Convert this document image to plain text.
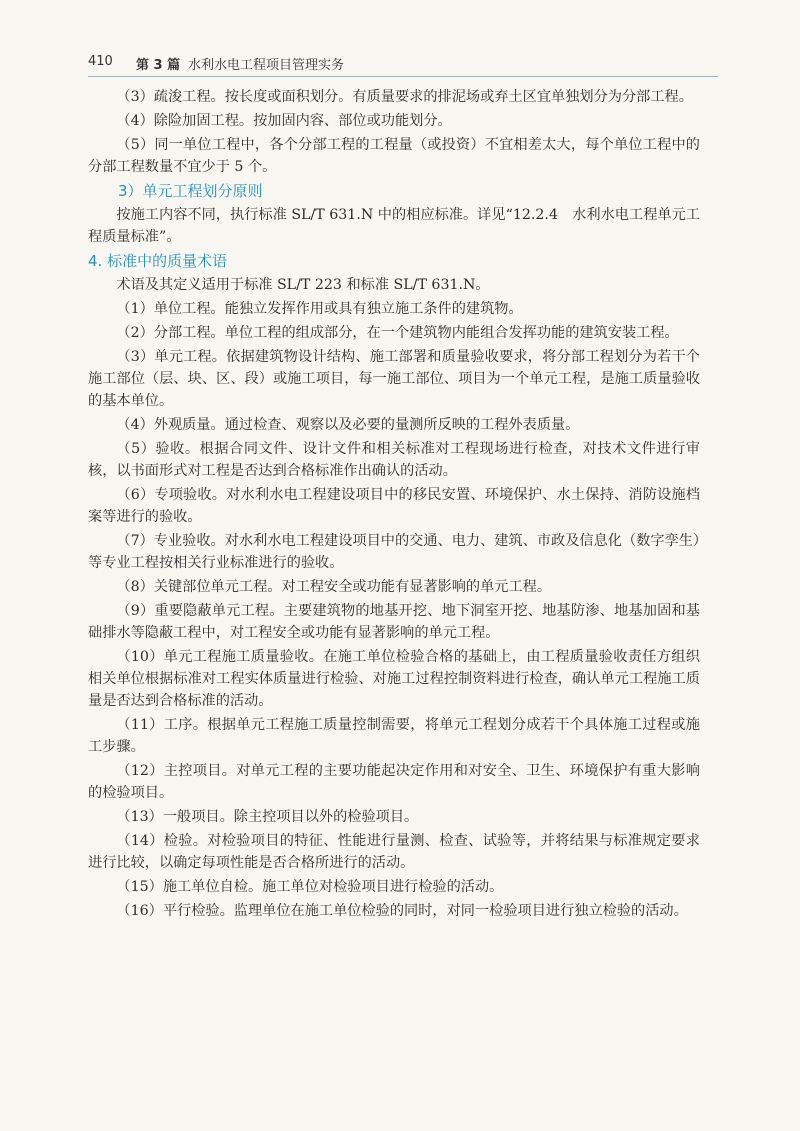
410 第 3 篇 水利水电工程项目管理实务

（3）疏浚工程。按长度或面积划分。有质量要求的排泥场或弃土区宜单独划分为分部工程。

（4）除险加固工程。按加固内容、部位或功能划分。

（5）同一单位工程中，各个分部工程的工程量（或投资）不宜相差太大，每个单位工程中的分部工程数量不宜少于 5 个。

3）单元工程划分原则

按施工内容不同，执行标准 SL/T 631.N 中的相应标准。详见“12.2.4　水利水电工程单元工程质量标准”。

4. 标准中的质量术语

术语及其定义适用于标准 SL/T 223 和标准 SL/T 631.N。

（1）单位工程。能独立发挥作用或具有独立施工条件的建筑物。

（2）分部工程。单位工程的组成部分，在一个建筑物内能组合发挥功能的建筑安装工程。

（3）单元工程。依据建筑物设计结构、施工部署和质量验收要求，将分部工程划分为若干个施工部位（层、块、区、段）或施工项目，每一施工部位、项目为一个单元工程，是施工质量验收的基本单位。

（4）外观质量。通过检查、观察以及必要的量测所反映的工程外表质量。

（5）验收。根据合同文件、设计文件和相关标准对工程现场进行检查，对技术文件进行审核，以书面形式对工程是否达到合格标准作出确认的活动。

（6）专项验收。对水利水电工程建设项目中的移民安置、环境保护、水土保持、消防设施档案等进行的验收。

（7）专业验收。对水利水电工程建设项目中的交通、电力、建筑、市政及信息化（数字孪生）等专业工程按相关行业标准进行的验收。

（8）关键部位单元工程。对工程安全或功能有显著影响的单元工程。

（9）重要隐蔽单元工程。主要建筑物的地基开挖、地下洞室开挖、地基防渗、地基加固和基础排水等隐蔽工程中，对工程安全或功能有显著影响的单元工程。

（10）单元工程施工质量验收。在施工单位检验合格的基础上，由工程质量验收责任方组织相关单位根据标准对工程实体质量进行检验、对施工过程控制资料进行检查，确认单元工程施工质量是否达到合格标准的活动。

（11）工序。根据单元工程施工质量控制需要，将单元工程划分成若干个具体施工过程或施工步骤。

（12）主控项目。对单元工程的主要功能起决定作用和对安全、卫生、环境保护有重大影响的检验项目。

（13）一般项目。除主控项目以外的检验项目。

（14）检验。对检验项目的特征、性能进行量测、检查、试验等，并将结果与标准规定要求进行比较，以确定每项性能是否合格所进行的活动。

（15）施工单位自检。施工单位对检验项目进行检验的活动。

（16）平行检验。监理单位在施工单位检验的同时，对同一检验项目进行独立检验的活动。
